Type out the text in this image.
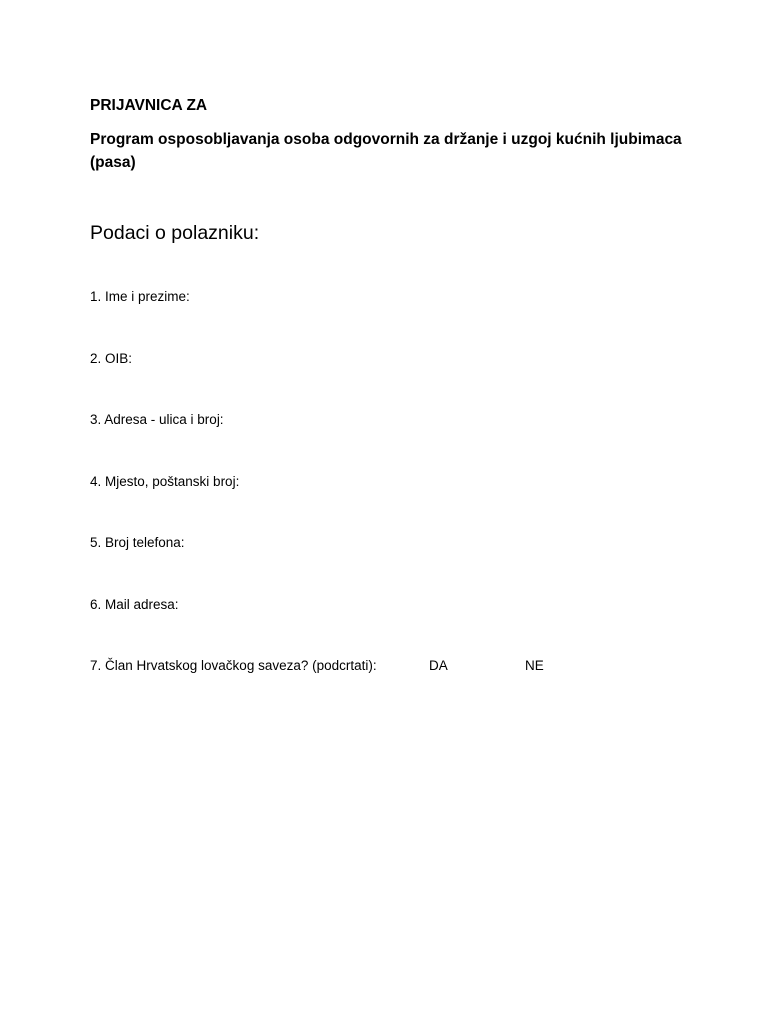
PRIJAVNICA ZA

Program osposobljavanja osoba odgovornih za držanje i uzgoj kućnih ljubimaca (pasa)

Podaci o polazniku:

1. Ime i prezime:
2. OIB:
3. Adresa - ulica i broj:
4. Mjesto, poštanski broj:
5. Broj telefona:
6. Mail adresa:
7. Član Hrvatskog lovačkog saveza? (podcrtati):	DA	NE
